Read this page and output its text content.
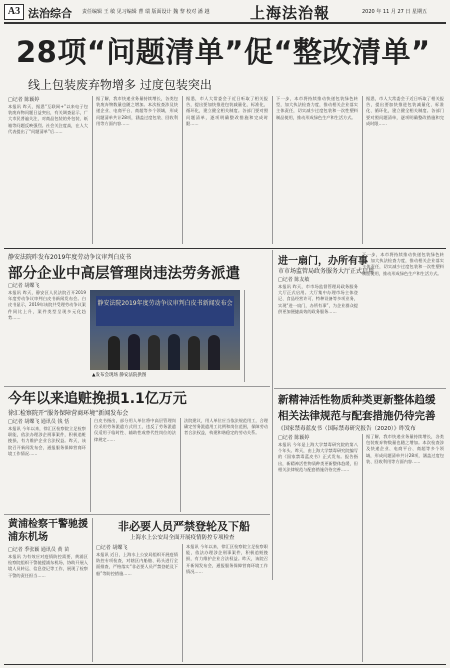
A3 法治综合 责任编辑 王 敏 见习编辑 曹 瑞 版面设计 魏 黎 校对 潘 越	上海法治報	2020 年 11 月 27 日 星期五
28项“问题清单”促“整改清单”
线上包装废弃物增多 过度包装突出
□记者 陈颖婷
本报讯 昨天，据悉“互联网+”以来电子包装废弃物问题日益突出，有关调查显示，广大市民普遍关注，对商品包装的外包装、纸箱等问题反映强烈。社会关注度高，在人大代表提出了“问题清单”后……
据了解，我市快递业务量持续增长，各类包装废弃物数量也随之增加。本次检查涉及快递企业、电商平台、商超等多个领域，形成问题清单共计28项，涵盖过度包装、回收利用等方面内容……
据悉，市人大常委会于近日听取了相关报告，提出要加快推进包装减量化、标准化、循环化，建立健全相关制度。各部门要对照问题清单，逐项明确整改措施和完成时限……
下一步，本市将持续推动快递包装绿色转型，加大执法检查力度，推动相关企业落实主体责任，切实减少过度包装和一次性塑料制品使用，推动形成绿色生产和生活方式。
据悉，市人大常委会于近日听取了相关报告，提出要加快推进包装减量化、标准化、循环化，建立健全相关制度。各部门要对照问题清单，逐项明确整改措施和完成时限……
静安法院昨发布2019年度劳动争议审判白皮书
部分企业中高层管理岗违法劳务派遣
□记者 胡蝶飞
本报讯 昨天，静安区人民法院召开2019年度劳动争议审判白皮书新闻发布会。白皮书显示，2019年该院共受理劳动争议案件同比上升，案件类型呈现多元化趋势……
静安法院2019年度劳动争议审判白皮书新闻发布会
▲发布会现场 静安法院供图
进一扇门，办所有事
市市场监管局政务服务大厅正式启用
□记者 陈友敏
本报讯 昨天，市市场监督管理局政务服务大厅正式启用。大厅集中办理市场主体登记、食品经营许可、特种设备等多项业务，实现“进一扇门，办所有事”，为企业群众提供更加便捷高效的政务服务……
下一步，本市将持续推动快递包装绿色转型，加大执法检查力度，推动相关企业落实主体责任，切实减少过度包装和一次性塑料制品使用，推动形成绿色生产和生活方式。
今年以来追赃挽损1.1亿万元
徐汇检察院开“服务保障营商环境”新闻发布会
□记者 胡蝶飞 通讯员 钱 恬
本报讯 今年以来，徐汇区检察院立足检察职能，依法办理涉企刑事案件，积极追赃挽损，有力维护企业合法权益。昨天，该院召开新闻发布会，通报服务保障营商环境工作情况……
白皮书指出，部分用人单位将中高层管理岗位采用劳务派遣方式用工，违反了劳务派遣仅适用于临时性、辅助性或替代性岗位的法律规定……
法院建议，用人单位应当依法规范用工，合理确定劳务派遣用工比例和岗位范围，保障劳动者合法权益，构建和谐稳定的劳动关系。
新精神活性物质种类更新整体趋缓
相关法律规范与配套措施仍待完善
《国家禁毒蓝皮书（国际禁毒研究报告（2020）》昨发布
□记者 陈颖婷
本报讯 今年是上海大学禁毒研究院的第八个年头。昨天，由上海大学禁毒研究院编写的《国家禁毒蓝皮书》正式发布。报告指出，新精神活性物质种类更新整体趋缓，但相关法律规范与配套措施仍待完善……
据了解，我市快递业务量持续增长，各类包装废弃物数量也随之增加。本次检查涉及快递企业、电商平台、商超等多个领域，形成问题清单共计28项，涵盖过度包装、回收利用等方面内容……
黄浦检察干警驰援浦东机场
□记者 季张颖 通讯员 黄 苗
本报讯 为有效应对疫情防控需要，黄浦区检察院组织干警驰援浦东机场，协助开展入境人员转运、信息登记等工作，展现了检察干警的责任担当……
非必要人员严禁登轮及下船
上海水上公安局全面开展疫情防控专项检查
□记者 胡蝶飞
本报讯 近日，上海水上公安局组织开展疫情防控专项检查，对辖区内船舶、码头进行全面排查，严格落实“非必要人员严禁登轮及下船”等防控措施……
本报讯 今年以来，徐汇区检察院立足检察职能，依法办理涉企刑事案件，积极追赃挽损，有力维护企业合法权益。昨天，该院召开新闻发布会，通报服务保障营商环境工作情况……
